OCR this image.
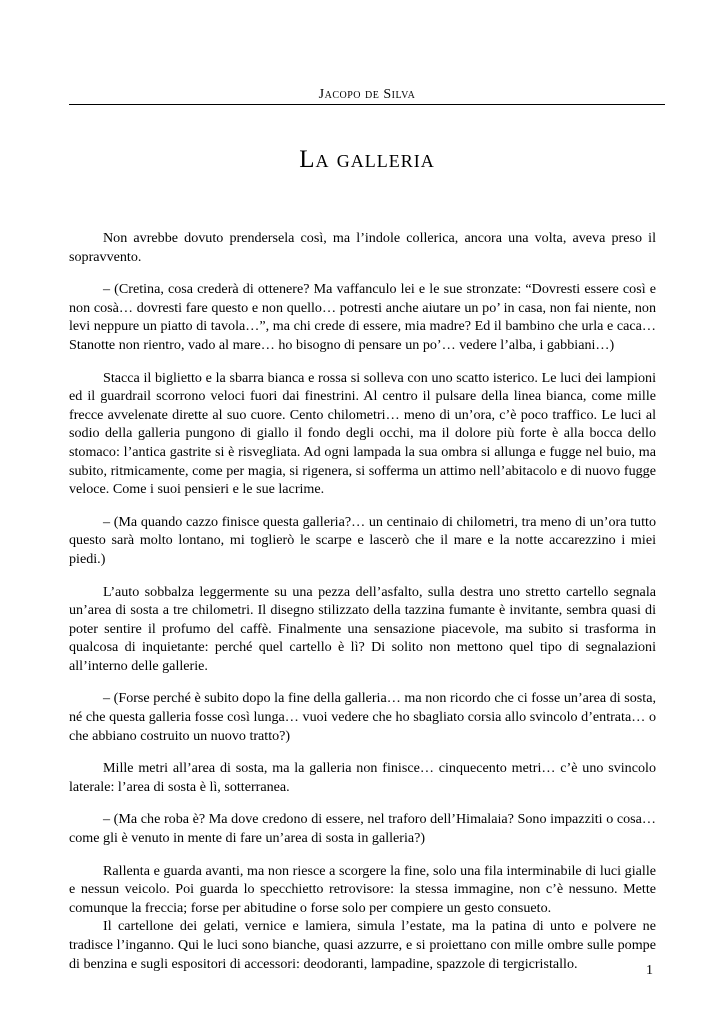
Jacopo de Silva
La galleria

Non avrebbe dovuto prendersela così, ma l’indole collerica, ancora una volta, aveva preso il sopravvento.

– (Cretina, cosa crederà di ottenere? Ma vaffanculo lei e le sue stronzate: “Dovresti essere così e non cosà… dovresti fare questo e non quello… potresti anche aiutare un po’ in casa, non fai niente, non levi neppure un piatto di tavola…”, ma chi crede di essere, mia madre? Ed il bambino che urla e caca… Stanotte non rientro, vado al mare… ho bisogno di pensare un po’… vedere l’alba, i gabbiani…)

Stacca il biglietto e la sbarra bianca e rossa si solleva con uno scatto isterico. Le luci dei lampioni ed il guardrail scorrono veloci fuori dai finestrini. Al centro il pulsare della linea bianca, come mille frecce avvelenate dirette al suo cuore. Cento chilometri… meno di un’ora, c’è poco traffico. Le luci al sodio della galleria pungono di giallo il fondo degli occhi, ma il dolore più forte è alla bocca dello stomaco: l’antica gastrite si è risvegliata. Ad ogni lampada la sua ombra si allunga e fugge nel buio, ma subito, ritmicamente, come per magia, si rigenera, si sofferma un attimo nell’abitacolo e di nuovo fugge veloce. Come i suoi pensieri e le sue lacrime.

– (Ma quando cazzo finisce questa galleria?… un centinaio di chilometri, tra meno di un’ora tutto questo sarà molto lontano, mi toglierò le scarpe e lascerò che il mare e la notte accarezzino i miei piedi.)

L’auto sobbalza leggermente su una pezza dell’asfalto, sulla destra uno stretto cartello segnala un’area di sosta a tre chilometri. Il disegno stilizzato della tazzina fumante è invitante, sembra quasi di poter sentire il profumo del caffè. Finalmente una sensazione piacevole, ma subito si trasforma in qualcosa di inquietante: perché quel cartello è lì? Di solito non mettono quel tipo di segnalazioni all’interno delle gallerie.

– (Forse perché è subito dopo la fine della galleria… ma non ricordo che ci fosse un’area di sosta, né che questa galleria fosse così lunga… vuoi vedere che ho sbagliato corsia allo svincolo d’entrata… o che abbiano costruito un nuovo tratto?)

Mille metri all’area di sosta, ma la galleria non finisce… cinquecento metri… c’è uno svincolo laterale: l’area di sosta è lì, sotterranea.

– (Ma che roba è? Ma dove credono di essere, nel traforo dell’Himalaia? Sono impazziti o cosa… come gli è venuto in mente di fare un’area di sosta in galleria?)

Rallenta e guarda avanti, ma non riesce a scorgere la fine, solo una fila interminabile di luci gialle e nessun veicolo. Poi guarda lo specchietto retrovisore: la stessa immagine, non c’è nessuno. Mette comunque la freccia; forse per abitudine o forse solo per compiere un gesto consueto.

Il cartellone dei gelati, vernice e lamiera, simula l’estate, ma la patina di unto e polvere ne tradisce l’inganno. Qui le luci sono bianche, quasi azzurre, e si proiettano con mille ombre sulle pompe di benzina e sugli espositori di accessori: deodoranti, lampadine, spazzole di tergicristallo.	1
